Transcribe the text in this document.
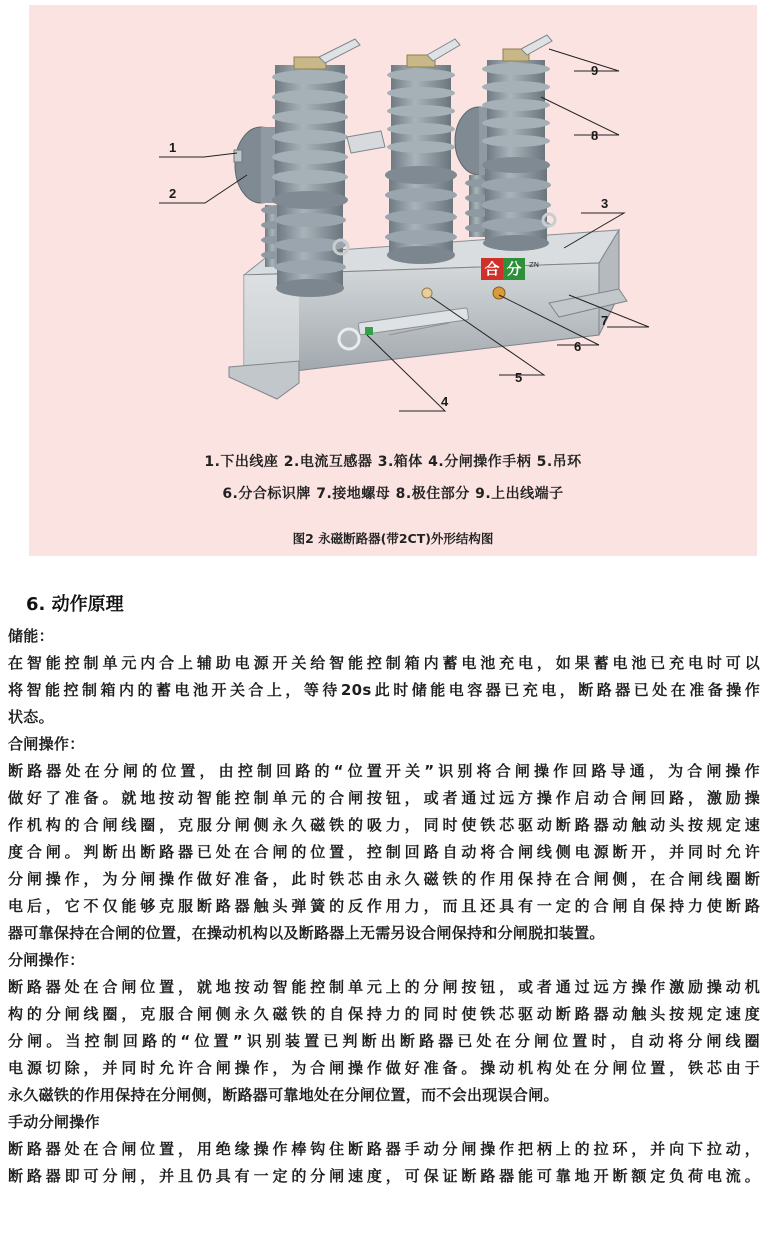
合 分 ZN
1
2
3
4
5
6
7
8
9
1.下出线座 2.电流互感器 3.箱体 4.分闸操作手柄 5.吊环
6.分合标识牌 7.接地螺母 8.极住部分 9.上出线端子
图2 永磁断路器(带2CT)外形结构图
6. 动作原理
储能：
在智能控制单元内合上辅助电源开关给智能控制箱内蓄电池充电，如果蓄电池已充电时可以
将智能控制箱内的蓄电池开关合上，等待20s此时储能电容器已充电，断路器已处在准备操作
状态。
合闸操作：
断路器处在分闸的位置，由控制回路的“位置开关”识别将合闸操作回路导通，为合闸操作
做好了准备。就地按动智能控制单元的合闸按钮，或者通过远方操作启动合闸回路，激励操
作机构的合闸线圈，克服分闸侧永久磁铁的吸力，同时使铁芯驱动断路器动触动头按规定速
度合闸。判断出断路器已处在合闸的位置，控制回路自动将合闸线侧电源断开，并同时允许
分闸操作，为分闸操作做好准备，此时铁芯由永久磁铁的作用保持在合闸侧，在合闸线圈断
电后，它不仅能够克服断路器触头弹簧的反作用力，而且还具有一定的合闸自保持力使断路
器可靠保持在合闸的位置，在操动机构以及断路器上无需另设合闸保持和分闸脱扣装置。
分闸操作：
断路器处在合闸位置，就地按动智能控制单元上的分闸按钮，或者通过远方操作激励操动机
构的分闸线圈，克服合闸侧永久磁铁的自保持力的同时使铁芯驱动断路器动触头按规定速度
分闸。当控制回路的“位置”识别装置已判断出断路器已处在分闸位置时，自动将分闸线圈
电源切除，并同时允许合闸操作，为合闸操作做好准备。操动机构处在分闸位置，铁芯由于
永久磁铁的作用保持在分闸侧，断路器可靠地处在分闸位置，而不会出现误合闸。
手动分闸操作
断路器处在合闸位置，用绝缘操作棒钩住断路器手动分闸操作把柄上的拉环，并向下拉动，
断路器即可分闸，并且仍具有一定的分闸速度，可保证断路器能可靠地开断额定负荷电流。
